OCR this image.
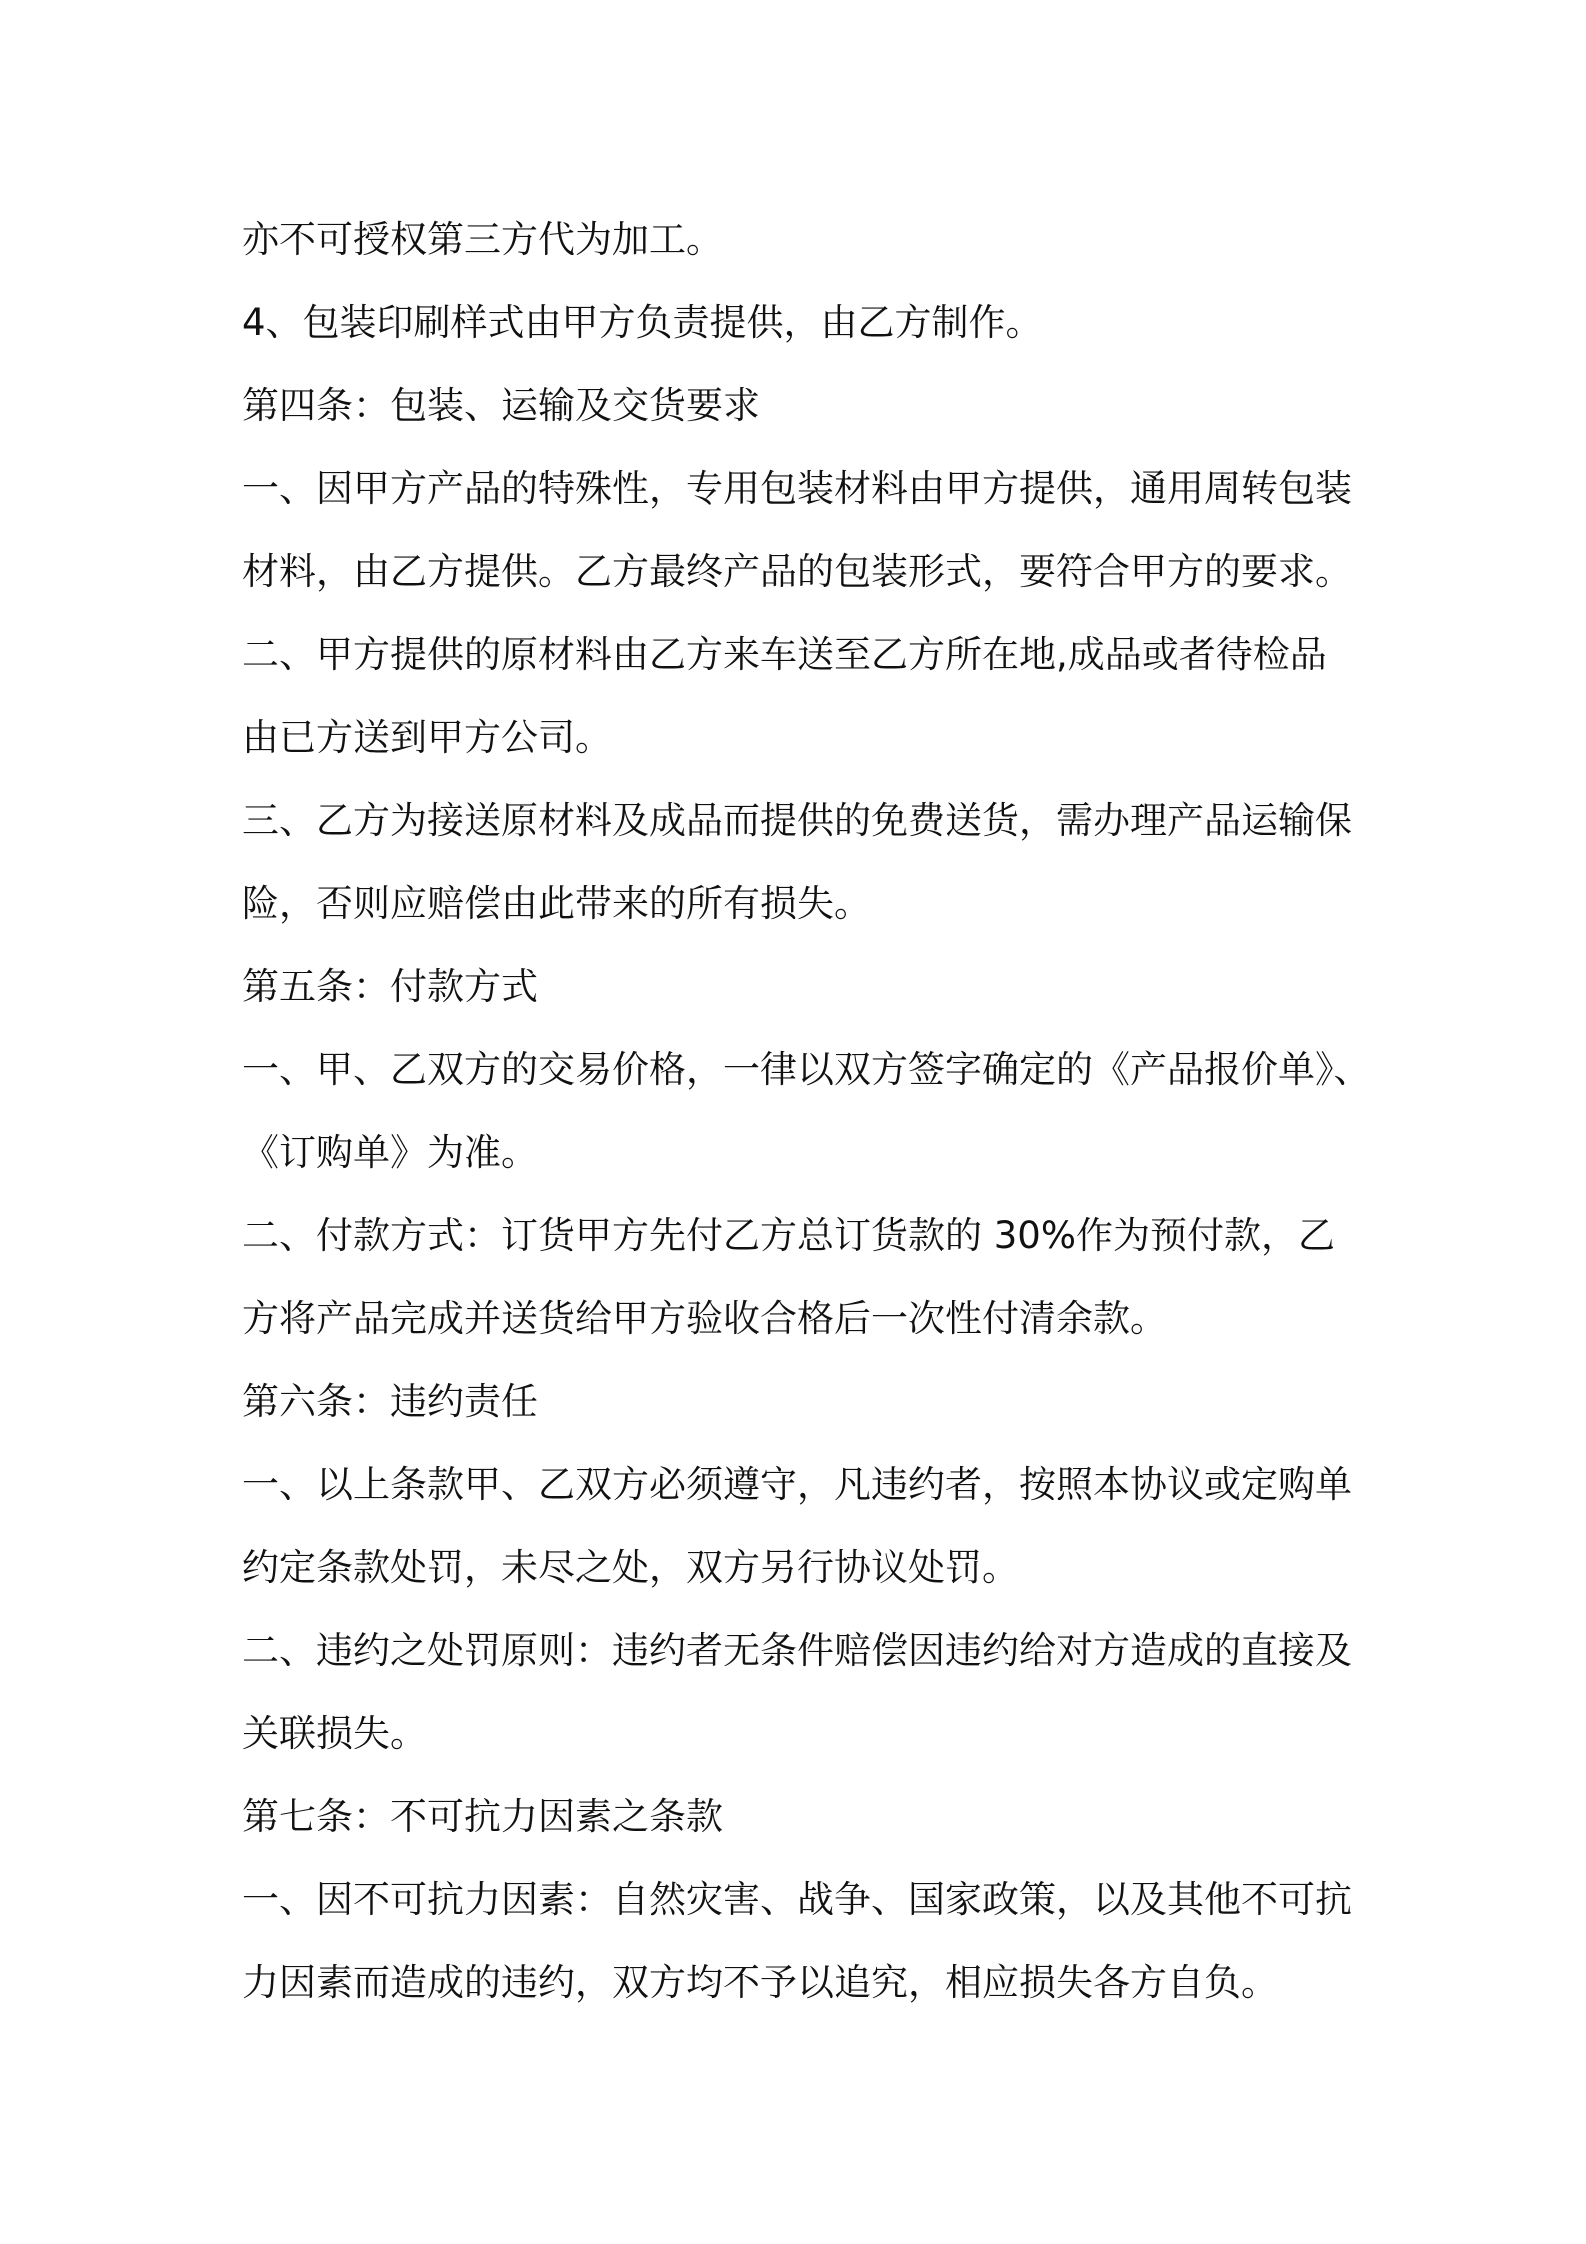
亦不可授权第三方代为加工。
4、包装印刷样式由甲方负责提供，由乙方制作。
第四条：包装、运输及交货要求
一、因甲方产品的特殊性，专用包装材料由甲方提供，通用周转包装
材料，由乙方提供。乙方最终产品的包装形式，要符合甲方的要求。
二、甲方提供的原材料由乙方来车送至乙方所在地,成品或者待检品
由已方送到甲方公司。
三、乙方为接送原材料及成品而提供的免费送货，需办理产品运输保
险，否则应赔偿由此带来的所有损失。
第五条：付款方式
一、甲、乙双方的交易价格，一律以双方签字确定的《产品报价单》、
《订购单》为准。
二、付款方式：订货甲方先付乙方总订货款的 30%作为预付款，乙
方将产品完成并送货给甲方验收合格后一次性付清余款。
第六条：违约责任
一、以上条款甲、乙双方必须遵守，凡违约者，按照本协议或定购单
约定条款处罚，未尽之处，双方另行协议处罚。
二、违约之处罚原则：违约者无条件赔偿因违约给对方造成的直接及
关联损失。
第七条：不可抗力因素之条款
一、因不可抗力因素：自然灾害、战争、国家政策，以及其他不可抗
力因素而造成的违约，双方均不予以追究，相应损失各方自负。
